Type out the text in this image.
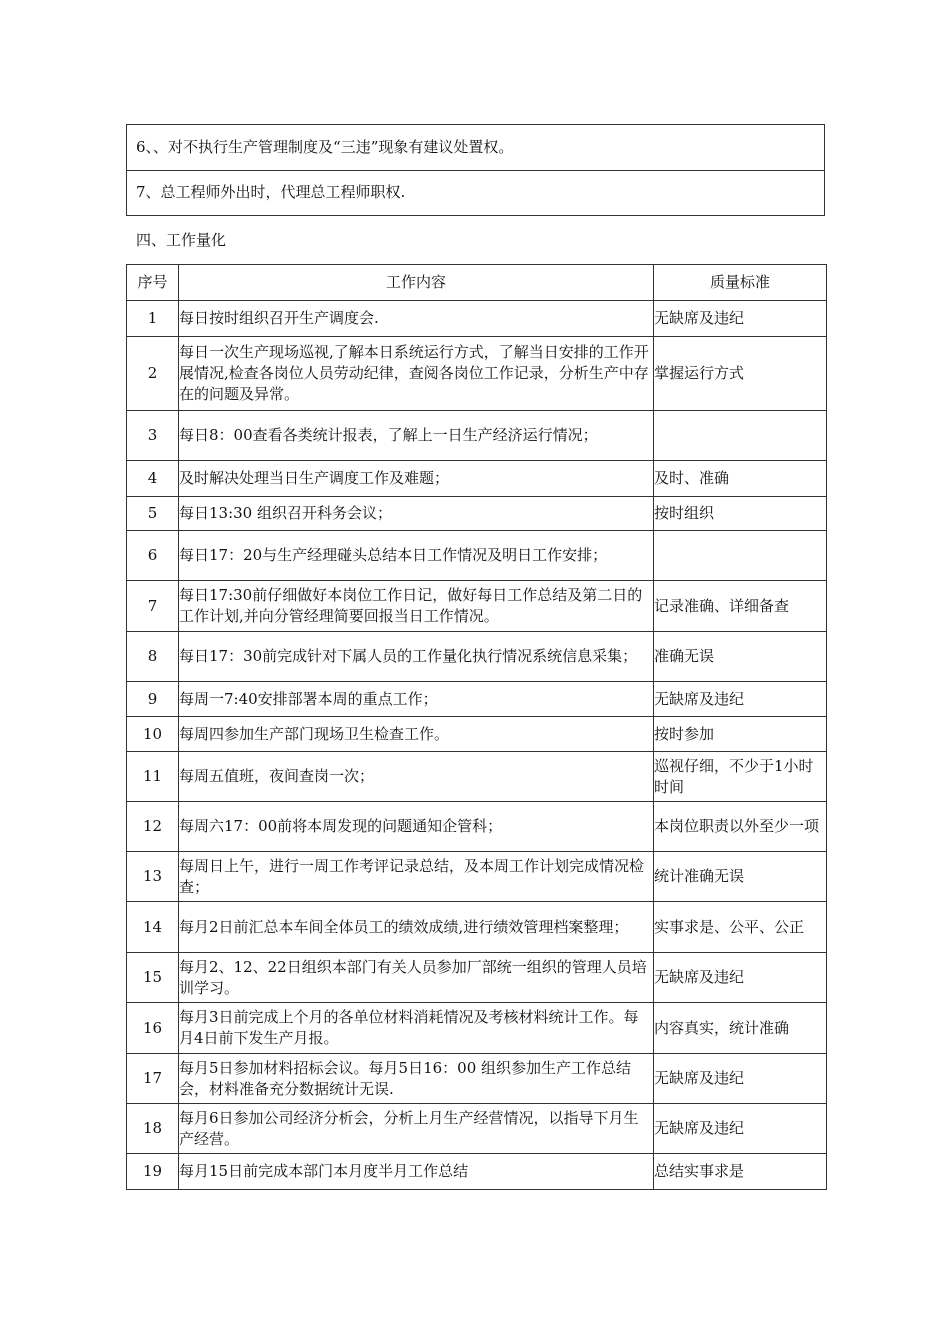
6、、对不执行生产管理制度及“三违”现象有建议处置权。
7、总工程师外出时，代理总工程师职权.
四、工作量化
序号	工作内容	质量标准
1	每日按时组织召开生产调度会.	无缺席及违纪
2	每日一次生产现场巡视,了解本日系统运行方式，了解当日安排的工作开展情况,检查各岗位人员劳动纪律，查阅各岗位工作记录，分析生产中存在的问题及异常。	掌握运行方式
3	每日8：00查看各类统计报表，了解上一日生产经济运行情况；	
4	及时解决处理当日生产调度工作及难题；	及时、准确
5	每日13:30 组织召开科务会议；	按时组织
6	每日17：20与生产经理碰头总结本日工作情况及明日工作安排；	
7	每日17:30前仔细做好本岗位工作日记，做好每日工作总结及第二日的工作计划,并向分管经理简要回报当日工作情况。	记录准确、详细备查
8	每日17：30前完成针对下属人员的工作量化执行情况系统信息采集；	准确无误
9	每周一7:40安排部署本周的重点工作；	无缺席及违纪
10	每周四参加生产部门现场卫生检查工作。	按时参加
11	每周五值班，夜间查岗一次；	巡视仔细，不少于1小时时间
12	每周六17：00前将本周发现的问题通知企管科；	本岗位职责以外至少一项
13	每周日上午，进行一周工作考评记录总结，及本周工作计划完成情况检查；	统计准确无误
14	每月2日前汇总本车间全体员工的绩效成绩,进行绩效管理档案整理；	实事求是、公平、公正
15	每月2、12、22日组织本部门有关人员参加厂部统一组织的管理人员培训学习。	无缺席及违纪
16	每月3日前完成上个月的各单位材料消耗情况及考核材料统计工作。每月4日前下发生产月报。	内容真实，统计准确
17	每月5日参加材料招标会议。每月5日16：00 组织参加生产工作总结会，材料准备充分数据统计无误.	无缺席及违纪
18	每月6日参加公司经济分析会，分析上月生产经营情况，以指导下月生产经营。	无缺席及违纪
19	每月15日前完成本部门本月度半月工作总结	总结实事求是
